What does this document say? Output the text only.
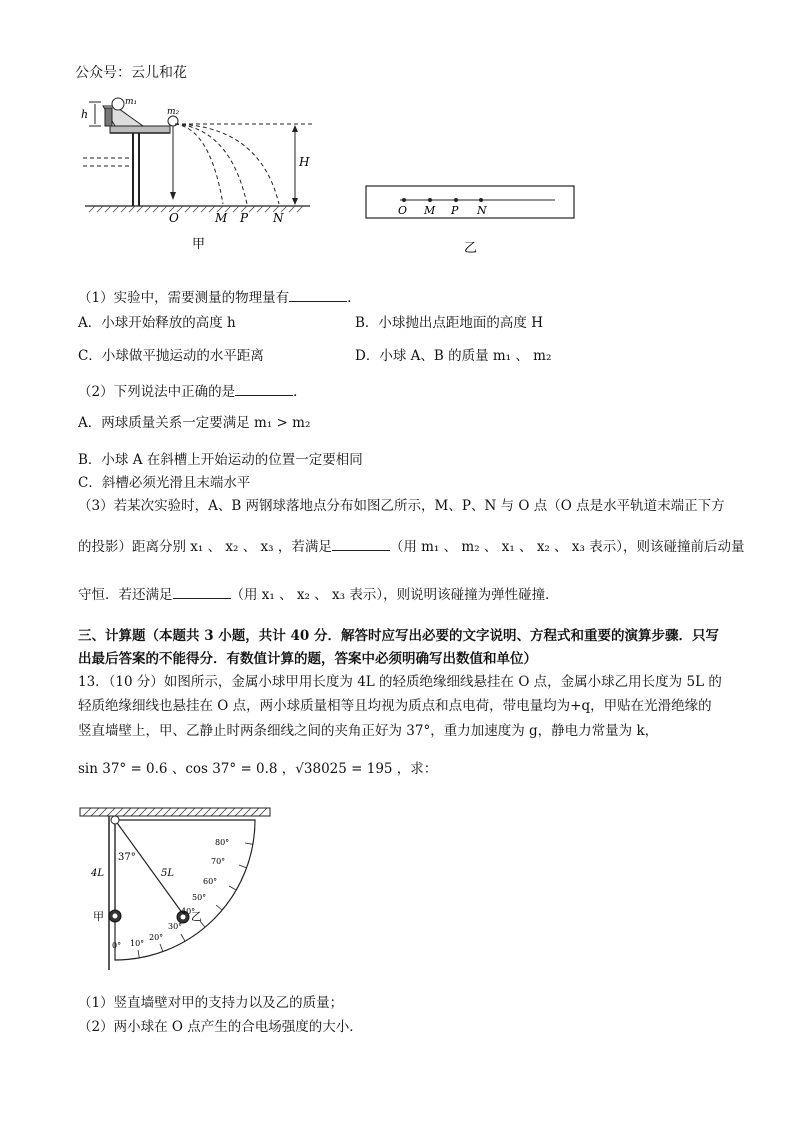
公众号：云儿和花
m₁
m₂
h
H
O	M P N
甲
O M P N
乙
（1）实验中，需要测量的物理量有	.
A．小球开始释放的高度 h	B．小球抛出点距地面的高度 H
C．小球做平抛运动的水平距离	D．小球 A、B 的质量 m₁ 、 m₂
（2）下列说法中正确的是	.
A．两球质量关系一定要满足 m₁ > m₂
B．小球 A 在斜槽上开始运动的位置一定要相同
C．斜槽必须光滑且末端水平
（3）若某次实验时，A、B 两钢球落地点分布如图乙所示，M、P、N 与 O 点（O 点是水平轨道末端正下方
的投影）距离分别 x₁ 、 x₂ 、 x₃ ，若满足	（用 m₁ 、 m₂ 、 x₁ 、 x₂ 、 x₃ 表示），则该碰撞前后动量
守恒．若还满足	（用 x₁ 、 x₂ 、 x₃ 表示），则说明该碰撞为弹性碰撞．
三、计算题（本题共 3 小题，共计 40 分．解答时应写出必要的文字说明、方程式和重要的演算步骤．只写
出最后答案的不能得分．有数值计算的题，答案中必须明确写出数值和单位）
13．（10 分）如图所示，金属小球甲用长度为 4L 的轻质绝缘细线悬挂在 O 点，金属小球乙用长度为 5L 的
轻质绝缘细线也悬挂在 O 点，两小球质量相等且均视为质点和点电荷，带电量均为+q，甲贴在光滑绝缘的
竖直墙壁上，甲、乙静止时两条细线之间的夹角正好为 37°，重力加速度为 g，静电力常量为 k，
sin 37° = 0.6 、cos 37° = 0.8 ，√38025 = 195 ，求：
37°
4L	5L
甲	乙
0° 10°
20°
30°
40°
50°
60°
70°
80°
（1）竖直墙壁对甲的支持力以及乙的质量；
（2）两小球在 O 点产生的合电场强度的大小．
